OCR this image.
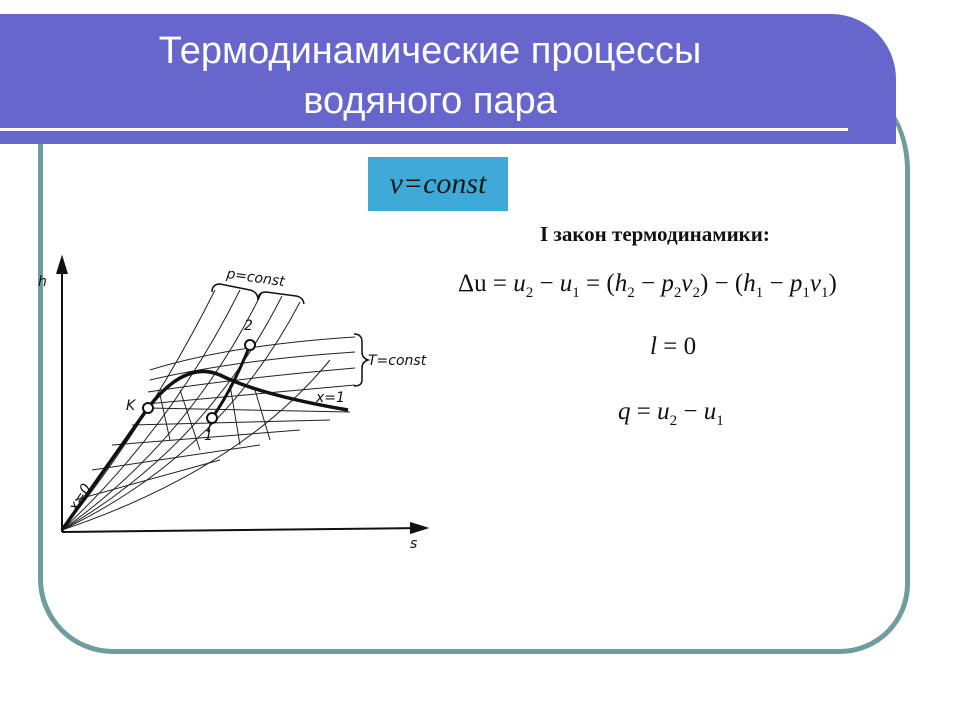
Термодинамические процессы
водяного пара
v=const
I закон термодинамики:
$\Delta u = u_2 - u_1 = (h_2 - p_2v_2) - (h_1 - p_1v_1)$
l = 0
$q = u_2 - u_1$
h
s
p=const
T=const
x=0
x=1
K
1
2
